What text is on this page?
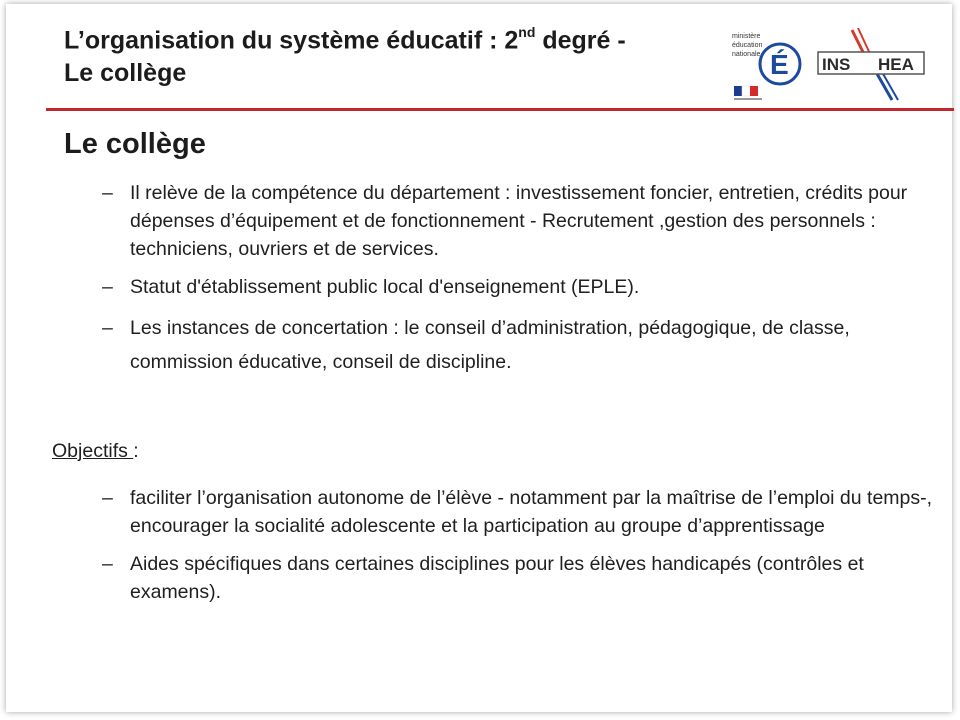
L’organisation du système éducatif : 2nd degré -
Le collège
ministère
éducation
nationale É INS HEA
Le collège
– Il relève de la compétence du département : investissement foncier, entretien, crédits pour dépenses d’équipement et de fonctionnement - Recrutement ,gestion des personnels : techniciens, ouvriers et de services.
– Statut d'établissement public local d'enseignement (EPLE).
– Les instances de concertation : le conseil d’administration, pédagogique, de classe, commission éducative, conseil de discipline.
Objectifs :
– faciliter l’organisation autonome de l’élève - notamment par la maîtrise de l’emploi du temps-, encourager la socialité adolescente et la participation au groupe d’apprentissage
– Aides spécifiques dans certaines disciplines pour les élèves handicapés (contrôles et examens).
